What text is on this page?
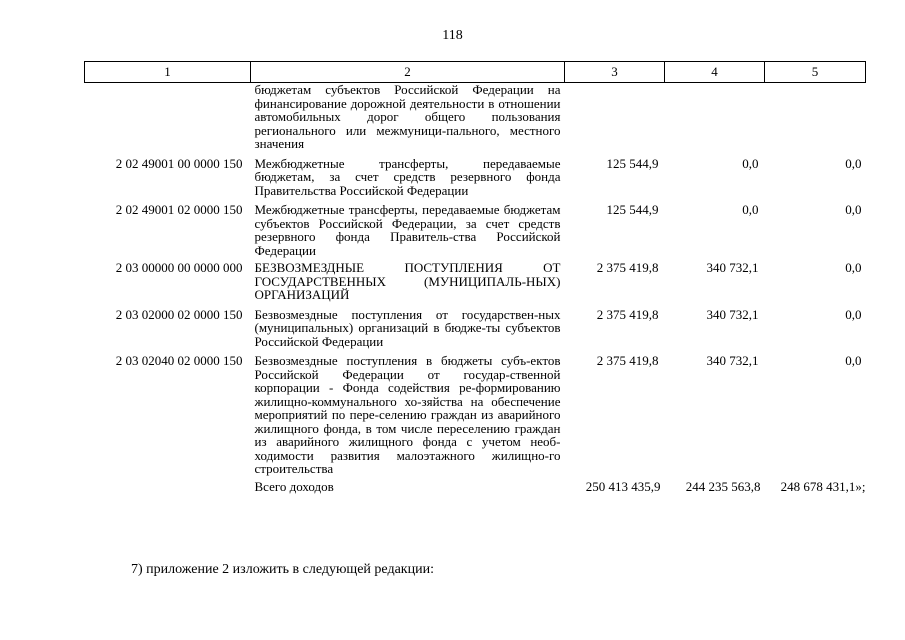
118
1	2	3	4	5
	бюджетам субъектов Российской Федерации на финансирование дорожной деятельности в отношении автомобильных дорог общего пользования регионального или межмуници-пального, местного значения			
2 02 49001 00 0000 150	Межбюджетные трансферты, передаваемые бюджетам, за счет средств резервного фонда Правительства Российской Федерации	125 544,9	0,0	0,0
2 02 49001 02 0000 150	Межбюджетные трансферты, передаваемые бюджетам субъектов Российской Федерации, за счет средств резервного фонда Правитель-ства Российской Федерации	125 544,9	0,0	0,0
2 03 00000 00 0000 000	БЕЗВОЗМЕЗДНЫЕ ПОСТУПЛЕНИЯ ОТ ГОСУДАРСТВЕННЫХ (МУНИЦИПАЛЬ-НЫХ) ОРГАНИЗАЦИЙ	2 375 419,8	340 732,1	0,0
2 03 02000 02 0000 150	Безвозмездные поступления от государствен-ных (муниципальных) организаций в бюдже-ты субъектов Российской Федерации	2 375 419,8	340 732,1	0,0
2 03 02040 02 0000 150	Безвозмездные поступления в бюджеты субъ-ектов Российской Федерации от государ-ственной корпорации - Фонда содействия ре-формированию жилищно-коммунального хо-зяйства на обеспечение мероприятий по пере-селению граждан из аварийного жилищного фонда, в том числе переселению граждан из аварийного жилищного фонда с учетом необ-ходимости развития малоэтажного жилищно-го строительства	2 375 419,8	340 732,1	0,0
	Всего доходов	250 413 435,9	244 235 563,8	248 678 431,1»;
7) приложение 2 изложить в следующей редакции:
